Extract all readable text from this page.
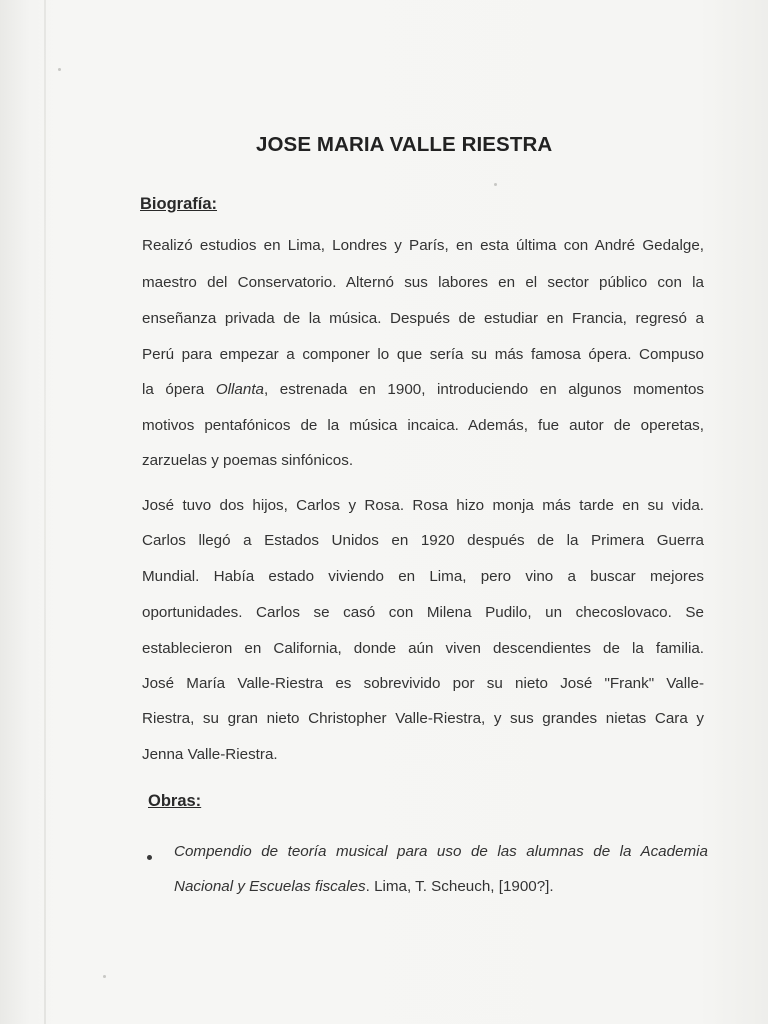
JOSE MARIA VALLE RIESTRA
Biografía:
Realizó estudios en Lima, Londres y París, en esta última con André Gedalge,
maestro del Conservatorio. Alternó sus labores en el sector público con la
enseñanza privada de la música. Después de estudiar en Francia, regresó a
Perú para empezar a componer lo que sería su más famosa ópera. Compuso
la ópera Ollanta, estrenada en 1900, introduciendo en algunos momentos
motivos pentafónicos de la música incaica. Además, fue autor de operetas,
zarzuelas y poemas sinfónicos.
José tuvo dos hijos, Carlos y Rosa. Rosa hizo monja más tarde en su vida.
Carlos llegó a Estados Unidos en 1920 después de la Primera Guerra
Mundial. Había estado viviendo en Lima, pero vino a buscar mejores
oportunidades. Carlos se casó con Milena Pudilo, un checoslovaco. Se
establecieron en California, donde aún viven descendientes de la familia.
José María Valle-Riestra es sobrevivido por su nieto José "Frank" Valle-
Riestra, su gran nieto Christopher Valle-Riestra, y sus grandes nietas Cara y
Jenna Valle-Riestra.
Obras:
Compendio de teoría musical para uso de las alumnas de la Academia
Nacional y Escuelas fiscales. Lima, T. Scheuch, [1900?].
